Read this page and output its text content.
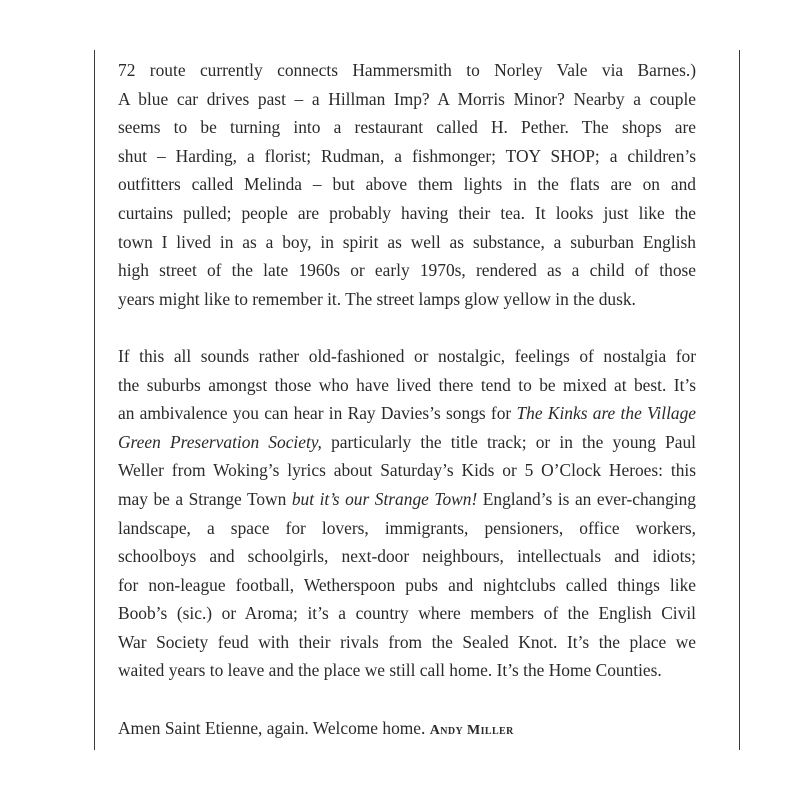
72 route currently connects Hammersmith to Norley Vale via Barnes.)
A blue car drives past – a Hillman Imp? A Morris Minor? Nearby a couple
seems to be turning into a restaurant called H. Pether. The shops are
shut – Harding, a florist; Rudman, a fishmonger; TOY SHOP; a children’s
outfitters called Melinda – but above them lights in the flats are on and
curtains pulled; people are probably having their tea. It looks just like the
town I lived in as a boy, in spirit as well as substance, a suburban English
high street of the late 1960s or early 1970s, rendered as a child of those
years might like to remember it. The street lamps glow yellow in the dusk.

If this all sounds rather old-fashioned or nostalgic, feelings of nostalgia for
the suburbs amongst those who have lived there tend to be mixed at best. It’s
an ambivalence you can hear in Ray Davies’s songs for The Kinks are the Village
Green Preservation Society, particularly the title track; or in the young Paul
Weller from Woking’s lyrics about Saturday’s Kids or 5 O’Clock Heroes: this
may be a Strange Town but it’s our Strange Town! England’s is an ever-changing
landscape, a space for lovers, immigrants, pensioners, office workers,
schoolboys and schoolgirls, next-door neighbours, intellectuals and idiots;
for non-league football, Wetherspoon pubs and nightclubs called things like
Boob’s (sic.) or Aroma; it’s a country where members of the English Civil
War Society feud with their rivals from the Sealed Knot. It’s the place we
waited years to leave and the place we still call home. It’s the Home Counties.

Amen Saint Etienne, again. Welcome home. Andy Miller
